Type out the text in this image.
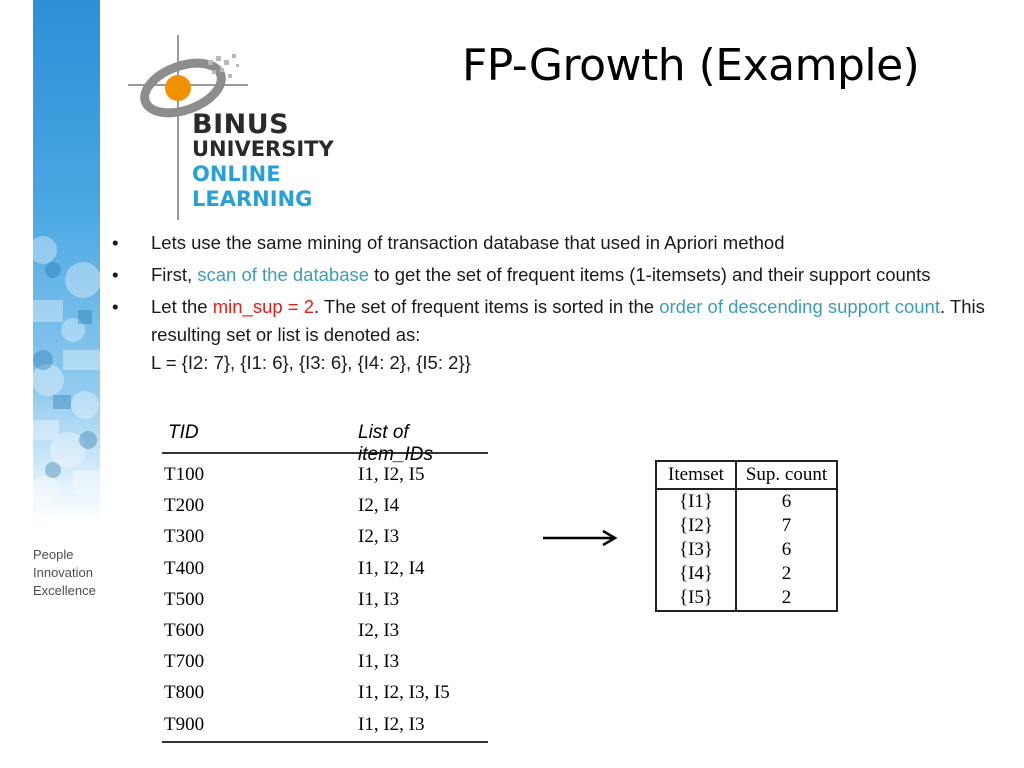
BINUS
UNIVERSITY
ONLINE
LEARNING
People
Innovation
Excellence
FP-Growth (Example)
• Lets use the same mining of transaction database that used in Apriori method
• First, scan of the database to get the set of frequent items (1-itemsets) and their support counts
• Let the min_sup = 2. The set of frequent items is sorted in the order of descending support count. This resulting set or list is denoted as:
L = {I2: 7}, {I1: 6}, {I3: 6}, {I4: 2}, {I5: 2}}
TID	List of item_IDs
T100	I1, I2, I5
T200	I2, I4
T300	I2, I3
T400	I1, I2, I4
T500	I1, I3
T600	I2, I3
T700	I1, I3
T800	I1, I2, I3, I5
T900	I1, I2, I3
Itemset	Sup. count
{I1}	6
{I2}	7
{I3}	6
{I4}	2
{I5}	2
